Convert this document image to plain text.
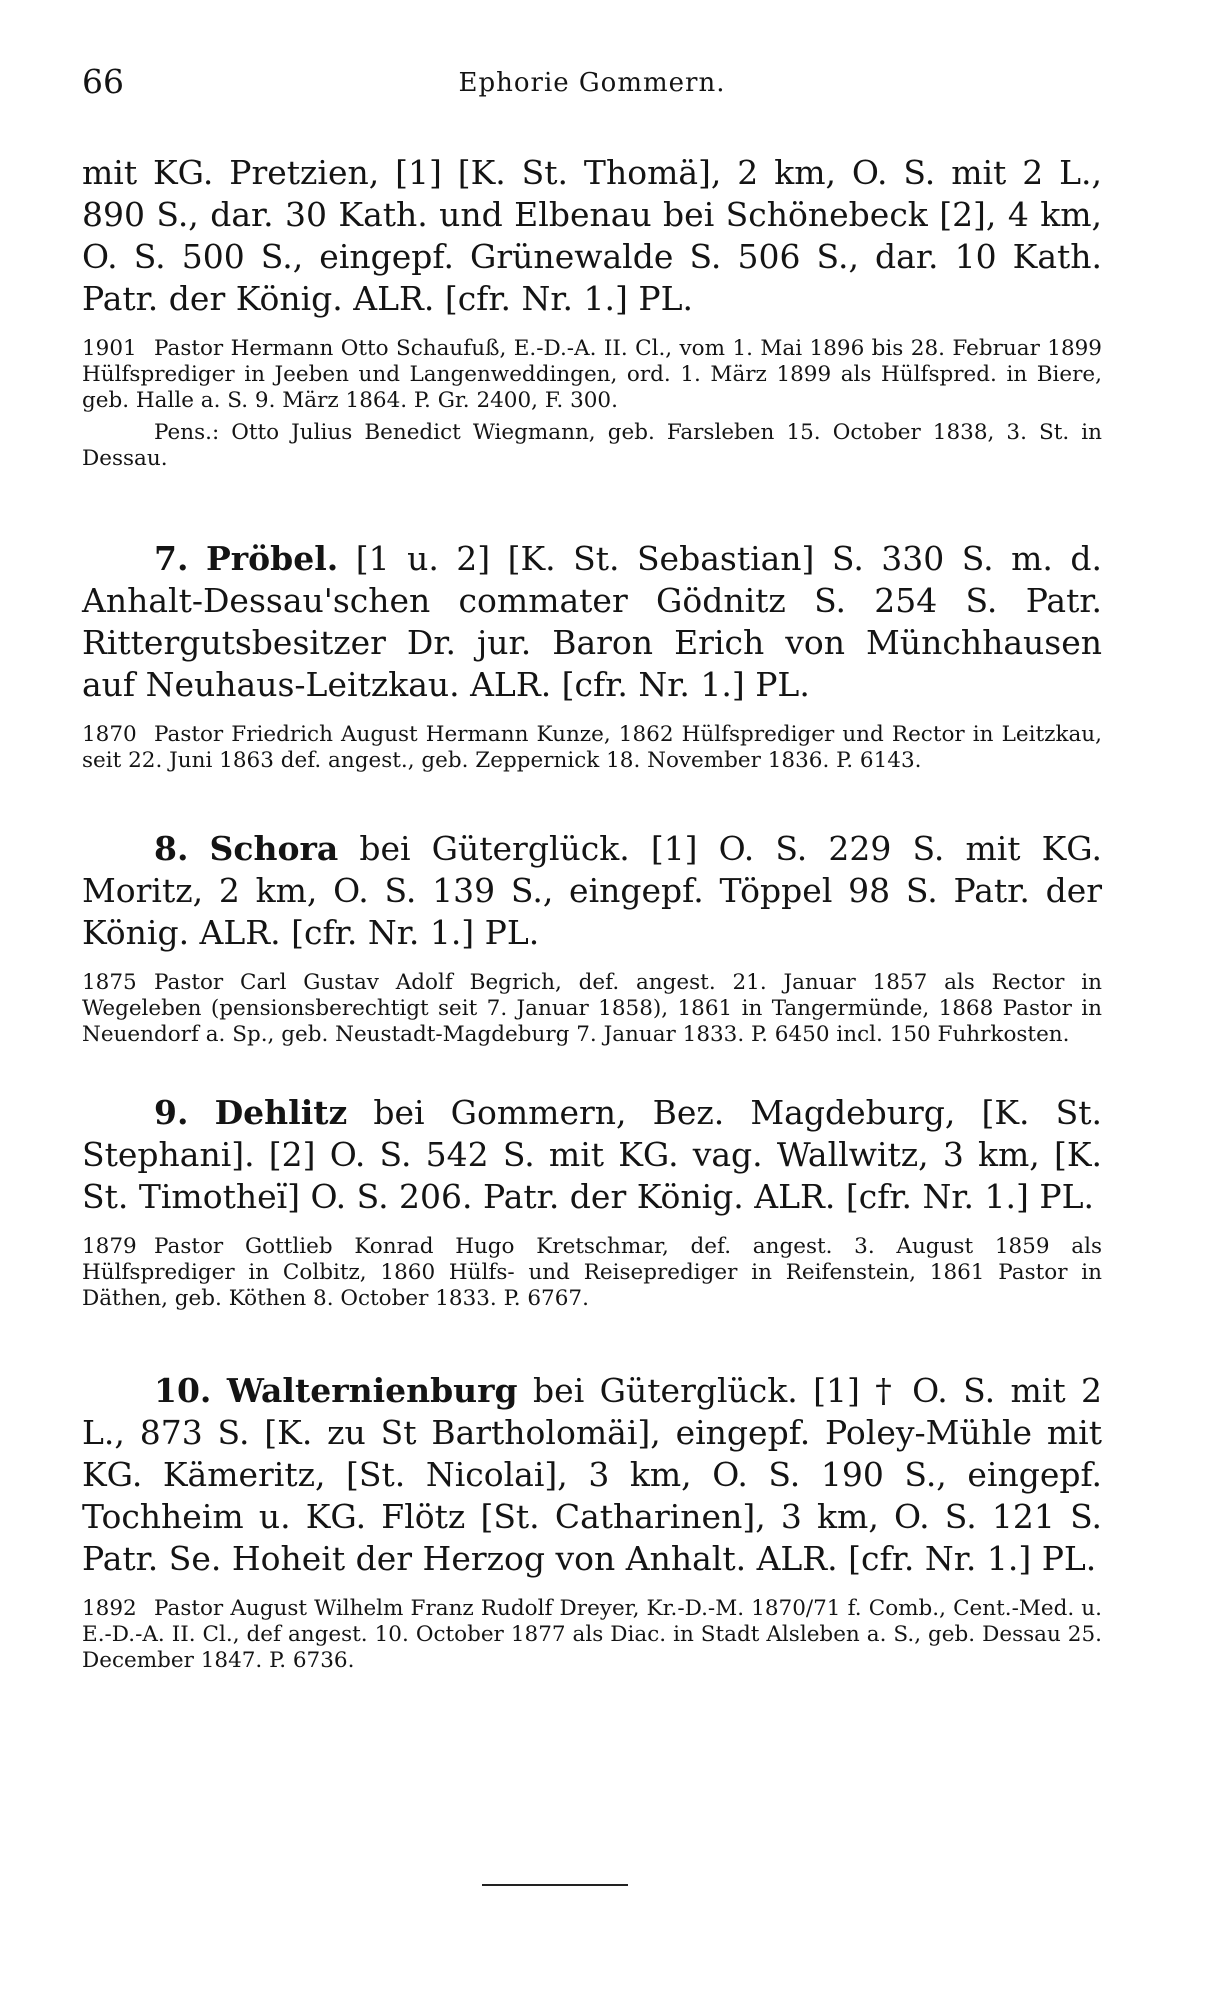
66	Ephorie Gommern.

mit KG. Pretzien, [1] [K. St. Thomä], 2 km, O. S. mit 2 L., 890 S., dar. 30 Kath. und Elbenau bei Schönebeck [2], 4 km, O. S. 500 S., eingepf. Grünewalde S. 506 S., dar. 10 Kath. Patr. der König. ALR. [cfr. Nr. 1.] PL.

1901 Pastor Hermann Otto Schaufuß, E.-D.-A. II. Cl., vom 1. Mai 1896 bis 28. Februar 1899 Hülfsprediger in Jeeben und Langenweddingen, ord. 1. März 1899 als Hülfspred. in Biere, geb. Halle a. S. 9. März 1864. P. Gr. 2400, F. 300.

Pens.: Otto Julius Benedict Wiegmann, geb. Farsleben 15. October 1838, 3. St. in Dessau.

7. Pröbel. [1 u. 2] [K. St. Sebastian] S. 330 S. m. d. Anhalt-Dessau'schen commater Gödnitz S. 254 S. Patr. Rittergutsbesitzer Dr. jur. Baron Erich von Münchhausen auf Neuhaus-Leitzkau. ALR. [cfr. Nr. 1.] PL.

1870 Pastor Friedrich August Hermann Kunze, 1862 Hülfsprediger und Rector in Leitzkau, seit 22. Juni 1863 def. angest., geb. Zeppernick 18. November 1836. P. 6143.

8. Schora bei Güterglück. [1] O. S. 229 S. mit KG. Moritz, 2 km, O. S. 139 S., eingepf. Töppel 98 S. Patr. der König. ALR. [cfr. Nr. 1.] PL.

1875 Pastor Carl Gustav Adolf Begrich, def. angest. 21. Januar 1857 als Rector in Wegeleben (pensionsberechtigt seit 7. Januar 1858), 1861 in Tangermünde, 1868 Pastor in Neuendorf a. Sp., geb. Neustadt-Magdeburg 7. Januar 1833. P. 6450 incl. 150 Fuhrkosten.

9. Dehlitz bei Gommern, Bez. Magdeburg, [K. St. Stephani]. [2] O. S. 542 S. mit KG. vag. Wallwitz, 3 km, [K. St. Timotheï] O. S. 206. Patr. der König. ALR. [cfr. Nr. 1.] PL.

1879 Pastor Gottlieb Konrad Hugo Kretschmar, def. angest. 3. August 1859 als Hülfsprediger in Colbitz, 1860 Hülfs- und Reiseprediger in Reifenstein, 1861 Pastor in Däthen, geb. Köthen 8. October 1833. P. 6767.

10. Walternienburg bei Güterglück. [1] † O. S. mit 2 L., 873 S. [K. zu St Bartholomäi], eingepf. Poley-Mühle mit KG. Kämeritz, [St. Nicolai], 3 km, O. S. 190 S., eingepf. Tochheim u. KG. Flötz [St. Catharinen], 3 km, O. S. 121 S. Patr. Se. Hoheit der Herzog von Anhalt. ALR. [cfr. Nr. 1.] PL.

1892 Pastor August Wilhelm Franz Rudolf Dreyer, Kr.-D.-M. 1870/71 f. Comb., Cent.-Med. u. E.-D.-A. II. Cl., def angest. 10. October 1877 als Diac. in Stadt Alsleben a. S., geb. Dessau 25. December 1847. P. 6736.
